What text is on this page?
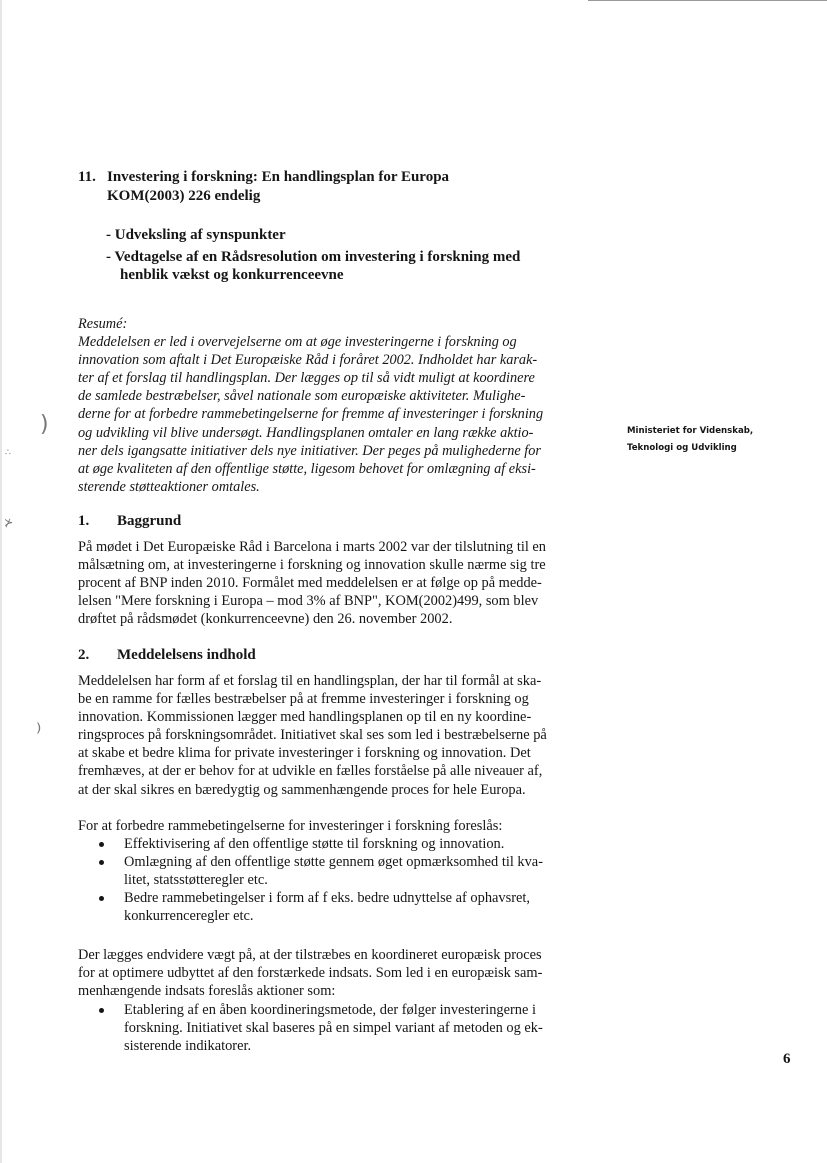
)
∴
⊁
⁾
11. Investering i forskning: En handlingsplan for Europa
KOM(2003) 226 endelig
- Udveksling af synspunkter
- Vedtagelse af en Rådsresolution om investering i forskning med
henblik vækst og konkurrenceevne
Resumé:
Meddelelsen er led i overvejelserne om at øge investeringerne i forskning og
innovation som aftalt i Det Europæiske Råd i foråret 2002. Indholdet har karak-
ter af et forslag til handlingsplan. Der lægges op til så vidt muligt at koordinere
de samlede bestræbelser, såvel nationale som europæiske aktiviteter. Mulighe-
derne for at forbedre rammebetingelserne for fremme af investeringer i forskning
og udvikling vil blive undersøgt. Handlingsplanen omtaler en lang række aktio-
ner dels igangsatte initiativer dels nye initiativer. Der peges på mulighederne for
at øge kvaliteten af den offentlige støtte, ligesom behovet for omlægning af eksi-
sterende støtteaktioner omtales.
Ministeriet for Videnskab,
Teknologi og Udvikling
1. Baggrund
På mødet i Det Europæiske Råd i Barcelona i marts 2002 var der tilslutning til en
målsætning om, at investeringerne i forskning og innovation skulle nærme sig tre
procent af BNP inden 2010. Formålet med meddelelsen er at følge op på medde-
lelsen "Mere forskning i Europa – mod 3% af BNP", KOM(2002)499, som blev
drøftet på rådsmødet (konkurrenceevne) den 26. november 2002.
2. Meddelelsens indhold
Meddelelsen har form af et forslag til en handlingsplan, der har til formål at ska-
be en ramme for fælles bestræbelser på at fremme investeringer i forskning og
innovation. Kommissionen lægger med handlingsplanen op til en ny koordine-
ringsproces på forskningsområdet. Initiativet skal ses som led i bestræbelserne på
at skabe et bedre klima for private investeringer i forskning og innovation. Det
fremhæves, at der er behov for at udvikle en fælles forståelse på alle niveauer af,
at der skal sikres en bæredygtig og sammenhængende proces for hele Europa.
For at forbedre rammebetingelserne for investeringer i forskning foreslås:
Effektivisering af den offentlige støtte til forskning og innovation.
Omlægning af den offentlige støtte gennem øget opmærksomhed til kva-
litet, statsstøtteregler etc.
Bedre rammebetingelser i form af f eks. bedre udnyttelse af ophavsret,
konkurrenceregler etc.
Der lægges endvidere vægt på, at der tilstræbes en koordineret europæisk proces
for at optimere udbyttet af den forstærkede indsats. Som led i en europæisk sam-
menhængende indsats foreslås aktioner som:
Etablering af en åben koordineringsmetode, der følger investeringerne i
forskning. Initiativet skal baseres på en simpel variant af metoden og ek-
sisterende indikatorer.
6
